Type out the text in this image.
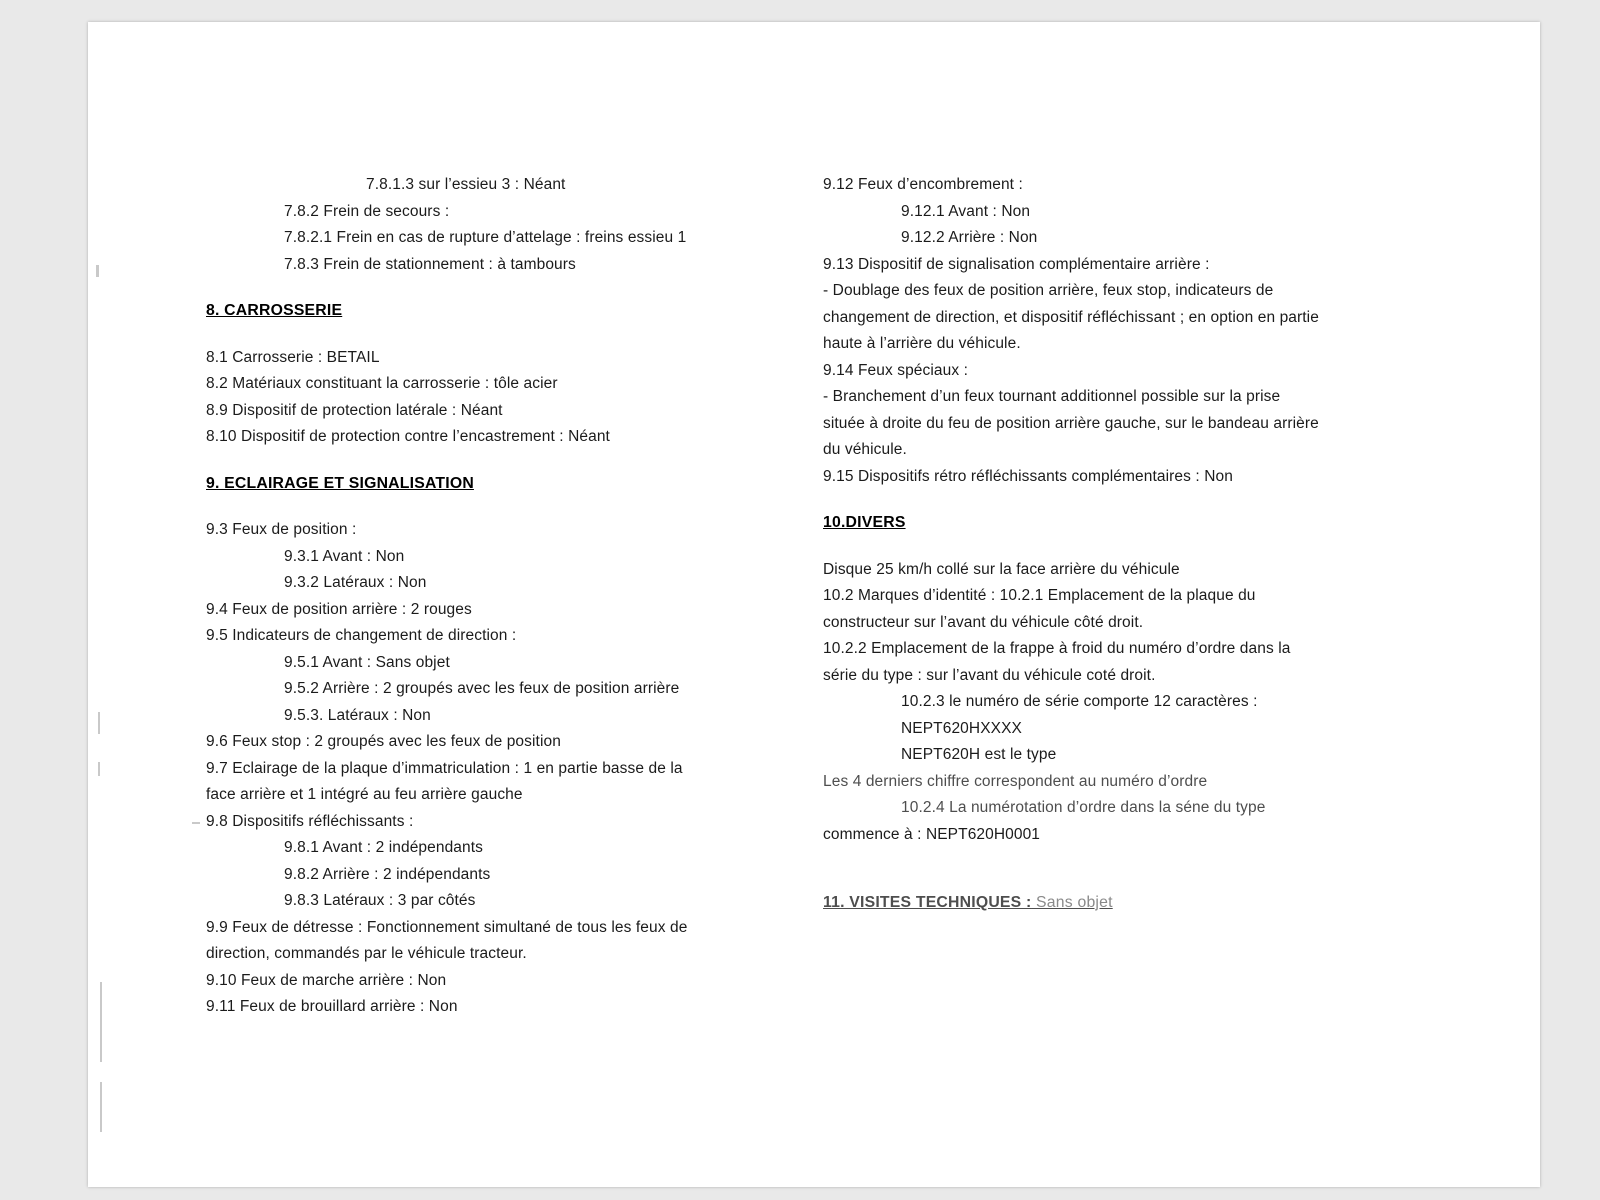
7.8.1.3 sur l’essieu 3 : Néant
7.8.2 Frein de secours :
7.8.2.1 Frein en cas de rupture d’attelage : freins essieu 1
7.8.3 Frein de stationnement : à tambours
8. CARROSSERIE
8.1 Carrosserie : BETAIL
8.2 Matériaux constituant la carrosserie : tôle acier
8.9 Dispositif de protection latérale : Néant
8.10 Dispositif de protection contre l’encastrement : Néant
9. ECLAIRAGE ET SIGNALISATION
9.3 Feux de position :
9.3.1 Avant : Non
9.3.2 Latéraux : Non
9.4 Feux de position arrière : 2 rouges
9.5 Indicateurs de changement de direction :
9.5.1 Avant : Sans objet
9.5.2 Arrière : 2 groupés avec les feux de position arrière
9.5.3. Latéraux : Non
9.6 Feux stop : 2 groupés avec les feux de position
9.7 Eclairage de la plaque d’immatriculation : 1 en partie basse de la
face arrière et 1 intégré au feu arrière gauche
9.8 Dispositifs réfléchissants :
9.8.1 Avant : 2 indépendants
9.8.2 Arrière : 2 indépendants
9.8.3 Latéraux : 3 par côtés
9.9 Feux de détresse : Fonctionnement simultané de tous les feux de
direction, commandés par le véhicule tracteur.
9.10 Feux de marche arrière : Non
9.11 Feux de brouillard arrière : Non
9.12 Feux d’encombrement :
9.12.1 Avant : Non
9.12.2 Arrière : Non
9.13 Dispositif de signalisation complémentaire arrière :
- Doublage des feux de position arrière, feux stop, indicateurs de
changement de direction, et dispositif réfléchissant ; en option en partie
haute à l’arrière du véhicule.
9.14 Feux spéciaux :
- Branchement d’un feux tournant additionnel possible sur la prise
située à droite du feu de position arrière gauche, sur le bandeau arrière
du véhicule.
9.15 Dispositifs rétro réfléchissants complémentaires : Non
10.DIVERS
Disque 25 km/h collé sur la face arrière du véhicule
10.2 Marques d’identité : 10.2.1 Emplacement de la plaque du
constructeur sur l’avant du véhicule côté droit.
10.2.2 Emplacement de la frappe à froid du numéro d’ordre dans la
série du type : sur l’avant du véhicule coté droit.
10.2.3 le numéro de série comporte 12 caractères :
NEPT620HXXXX
NEPT620H est le type
Les 4 derniers chiffre correspondent au numéro d’ordre
10.2.4 La numérotation d’ordre dans la séne du type
commence à : NEPT620H0001
11. VISITES TECHNIQUES : Sans objet
